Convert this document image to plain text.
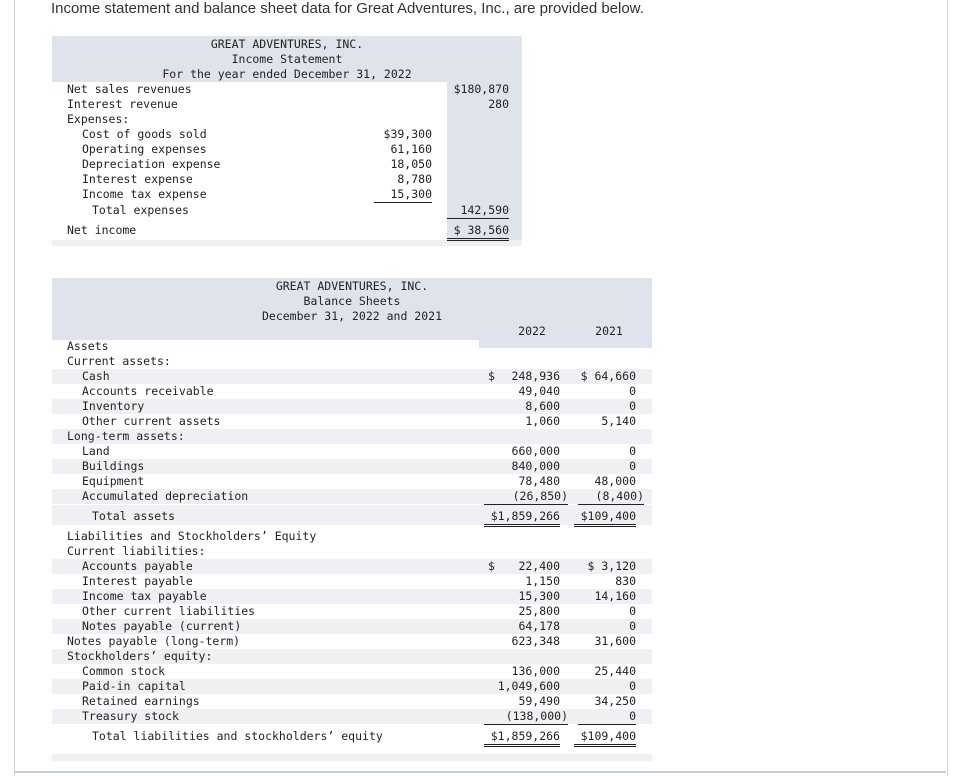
Income statement and balance sheet data for Great Adventures, Inc., are provided below.
GREAT ADVENTURES, INC.
Income Statement
For the year ended December 31, 2022
Net sales revenues	$180,870
Interest revenue	280
Expenses:
Cost of goods sold	$39,300
Operating expenses	61,160
Depreciation expense	18,050
Interest expense	8,780
Income tax expense	15,300
Total expenses	142,590
Net income	$ 38,560
GREAT ADVENTURES, INC.
Balance Sheets
December 31, 2022 and 2021
2022	2021
Assets
Current assets:
Cash	$	248,936	$ 64,660
Accounts receivable	49,040	0
Inventory	8,600	0
Other current assets	1,060	5,140
Long-term assets:
Land	660,000	0
Buildings	840,000	0
Equipment	78,480	48,000
Accumulated depreciation	(26,850)	(8,400)
Total assets	$1,859,266	$109,400
Liabilities and Stockholders’ Equity
Current liabilities:
Accounts payable	$	22,400	$ 3,120
Interest payable	1,150	830
Income tax payable	15,300	14,160
Other current liabilities	25,800	0
Notes payable (current)	64,178	0
Notes payable (long-term)	623,348	31,600
Stockholders’ equity:
Common stock	136,000	25,440
Paid-in capital	1,049,600	0
Retained earnings	59,490	34,250
Treasury stock	(138,000)	0
Total liabilities and stockholders’ equity	$1,859,266	$109,400
